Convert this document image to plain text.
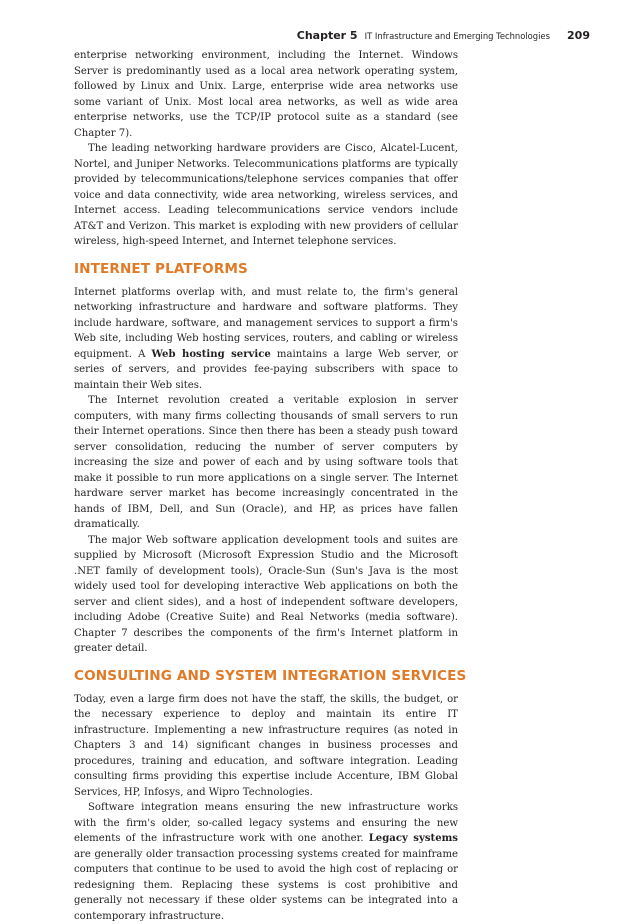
Chapter 5 IT Infrastructure and Emerging Technologies 209

enterprise networking environment, including the Internet. Windows Server is predominantly used as a local area network operating system, followed by Linux and Unix. Large, enterprise wide area networks use some variant of Unix. Most local area networks, as well as wide area enterprise networks, use the TCP/IP protocol suite as a standard (see Chapter 7).

The leading networking hardware providers are Cisco, Alcatel-Lucent, Nortel, and Juniper Networks. Telecommunications platforms are typically provided by telecommunications/telephone services companies that offer voice and data connectivity, wide area networking, wireless services, and Internet access. Leading telecommunications service vendors include AT&T and Verizon. This market is exploding with new providers of cellular wireless, high-speed Internet, and Internet telephone services.

INTERNET PLATFORMS

Internet platforms overlap with, and must relate to, the firm's general networking infrastructure and hardware and software platforms. They include hardware, software, and management services to support a firm's Web site, including Web hosting services, routers, and cabling or wireless equipment. A Web hosting service maintains a large Web server, or series of servers, and provides fee-paying subscribers with space to maintain their Web sites.

The Internet revolution created a veritable explosion in server computers, with many firms collecting thousands of small servers to run their Internet operations. Since then there has been a steady push toward server consolidation, reducing the number of server computers by increasing the size and power of each and by using software tools that make it possible to run more applications on a single server. The Internet hardware server market has become increasingly concentrated in the hands of IBM, Dell, and Sun (Oracle), and HP, as prices have fallen dramatically.

The major Web software application development tools and suites are supplied by Microsoft (Microsoft Expression Studio and the Microsoft .NET family of development tools), Oracle-Sun (Sun's Java is the most widely used tool for developing interactive Web applications on both the server and client sides), and a host of independent software developers, including Adobe (Creative Suite) and Real Networks (media software). Chapter 7 describes the components of the firm's Internet platform in greater detail.

CONSULTING AND SYSTEM INTEGRATION SERVICES

Today, even a large firm does not have the staff, the skills, the budget, or the necessary experience to deploy and maintain its entire IT infrastructure. Implementing a new infrastructure requires (as noted in Chapters 3 and 14) significant changes in business processes and procedures, training and education, and software integration. Leading consulting firms providing this expertise include Accenture, IBM Global Services, HP, Infosys, and Wipro Technologies.

Software integration means ensuring the new infrastructure works with the firm's older, so-called legacy systems and ensuring the new elements of the infrastructure work with one another. Legacy systems are generally older transaction processing systems created for mainframe computers that continue to be used to avoid the high cost of replacing or redesigning them. Replacing these systems is cost prohibitive and generally not necessary if these older systems can be integrated into a contemporary infrastructure.
